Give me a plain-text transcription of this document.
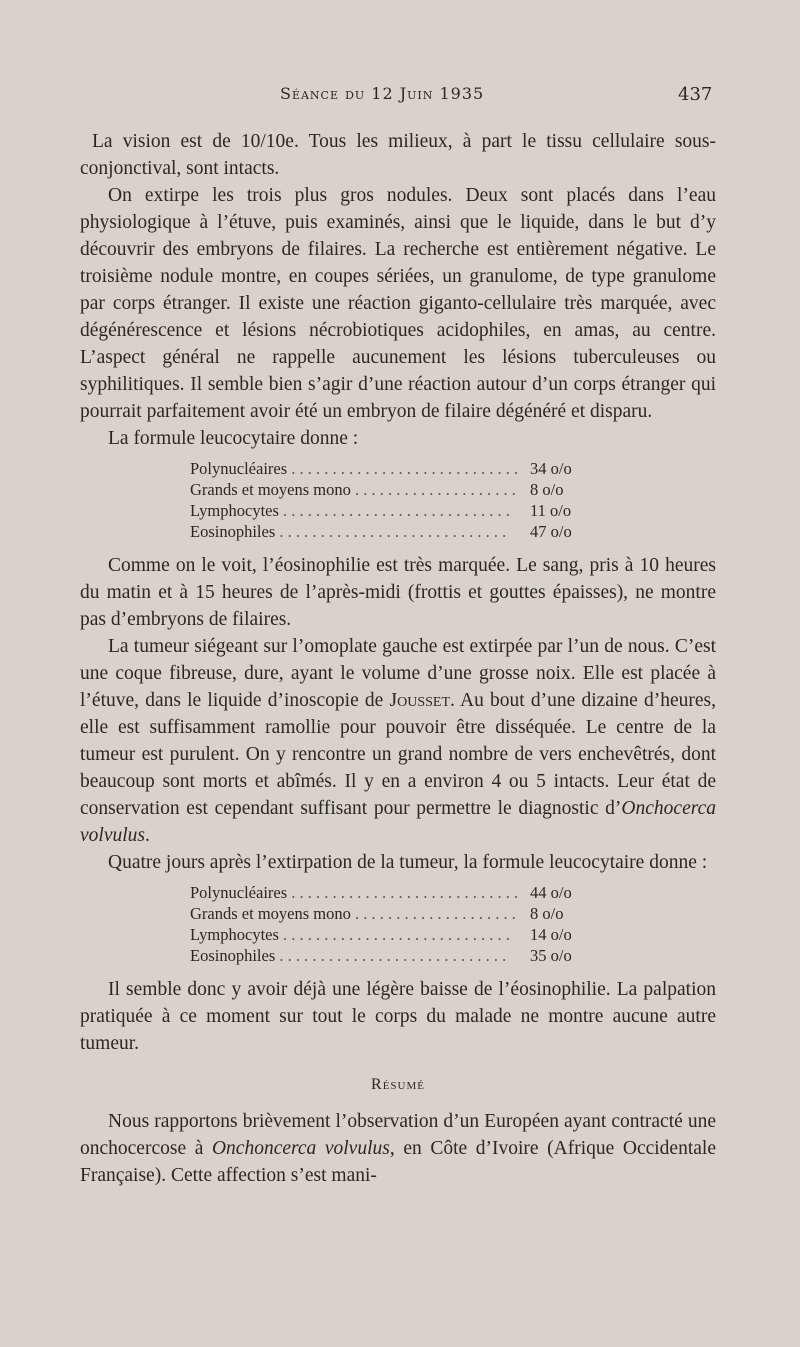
Séance du 12 Juin 1935	437

La vision est de 10/10e. Tous les milieux, à part le tissu cellulaire sous-conjonctival, sont intacts.

On extirpe les trois plus gros nodules. Deux sont placés dans l’eau physiologique à l’étuve, puis examinés, ainsi que le liquide, dans le but d’y découvrir des embryons de filaires. La recherche est entièrement négative. Le troisième nodule montre, en coupes sériées, un granulome, de type granulome par corps étranger. Il existe une réaction giganto-cellulaire très marquée, avec dégénérescence et lésions nécrobiotiques acidophiles, en amas, au centre. L’aspect général ne rappelle aucunement les lésions tuberculeuses ou syphilitiques. Il semble bien s’agir d’une réaction autour d’un corps étranger qui pourrait parfaitement avoir été un embryon de filaire dégénéré et disparu.

La formule leucocytaire donne :

Polynucléaires . . .	34 o/o
Grands et moyens mono . . .	8 o/o
Lymphocytes . . .	11 o/o
Eosinophiles . . .	47 o/o

Comme on le voit, l’éosinophilie est très marquée. Le sang, pris à 10 heures du matin et à 15 heures de l’après-midi (frottis et gouttes épaisses), ne montre pas d’embryons de filaires.

La tumeur siégeant sur l’omoplate gauche est extirpée par l’un de nous. C’est une coque fibreuse, dure, ayant le volume d’une grosse noix. Elle est placée à l’étuve, dans le liquide d’inoscopie de Jousset. Au bout d’une dizaine d’heures, elle est suffisamment ramollie pour pouvoir être disséquée. Le centre de la tumeur est purulent. On y rencontre un grand nombre de vers enchevêtrés, dont beaucoup sont morts et abîmés. Il y en a environ 4 ou 5 intacts. Leur état de conservation est cependant suffisant pour permettre le diagnostic d’Onchocerca volvulus.

Quatre jours après l’extirpation de la tumeur, la formule leucocytaire donne :

Polynucléaires . . .	44 o/o
Grands et moyens mono . . .	8 o/o
Lymphocytes . . .	14 o/o
Eosinophiles . . .	35 o/o

Il semble donc y avoir déjà une légère baisse de l’éosinophilie. La palpation pratiquée à ce moment sur tout le corps du malade ne montre aucune autre tumeur.

Résumé

Nous rapportons brièvement l’observation d’un Européen ayant contracté une onchocercose à Onchoncerca volvulus, en Côte d’Ivoire (Afrique Occidentale Française). Cette affection s’est mani-
